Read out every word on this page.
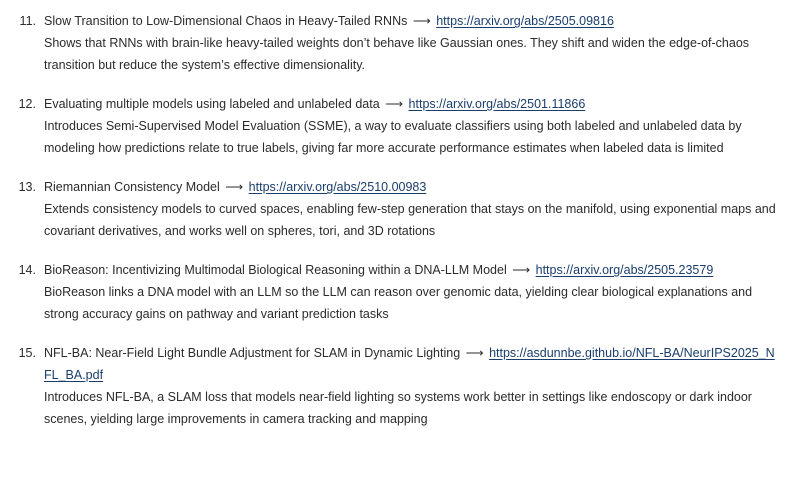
11. Slow Transition to Low-Dimensional Chaos in Heavy-Tailed RNNs ⟶ https://arxiv.org/abs/2505.09816
Shows that RNNs with brain-like heavy-tailed weights don’t behave like Gaussian ones. They shift and widen the edge-of-chaos transition but reduce the system’s effective dimensionality.
12. Evaluating multiple models using labeled and unlabeled data ⟶ https://arxiv.org/abs/2501.11866
Introduces Semi-Supervised Model Evaluation (SSME), a way to evaluate classifiers using both labeled and unlabeled data by modeling how predictions relate to true labels, giving far more accurate performance estimates when labeled data is limited
13. Riemannian Consistency Model ⟶ https://arxiv.org/abs/2510.00983
Extends consistency models to curved spaces, enabling few-step generation that stays on the manifold, using exponential maps and covariant derivatives, and works well on spheres, tori, and 3D rotations
14. BioReason: Incentivizing Multimodal Biological Reasoning within a DNA-LLM Model ⟶ https://arxiv.org/abs/2505.23579
BioReason links a DNA model with an LLM so the LLM can reason over genomic data, yielding clear biological explanations and strong accuracy gains on pathway and variant prediction tasks
15. NFL-BA: Near-Field Light Bundle Adjustment for SLAM in Dynamic Lighting ⟶ https://asdunnbe.github.io/NFL-BA/NeurIPS2025_NFL_BA.pdf
Introduces NFL-BA, a SLAM loss that models near-field lighting so systems work better in settings like endoscopy or dark indoor scenes, yielding large improvements in camera tracking and mapping
